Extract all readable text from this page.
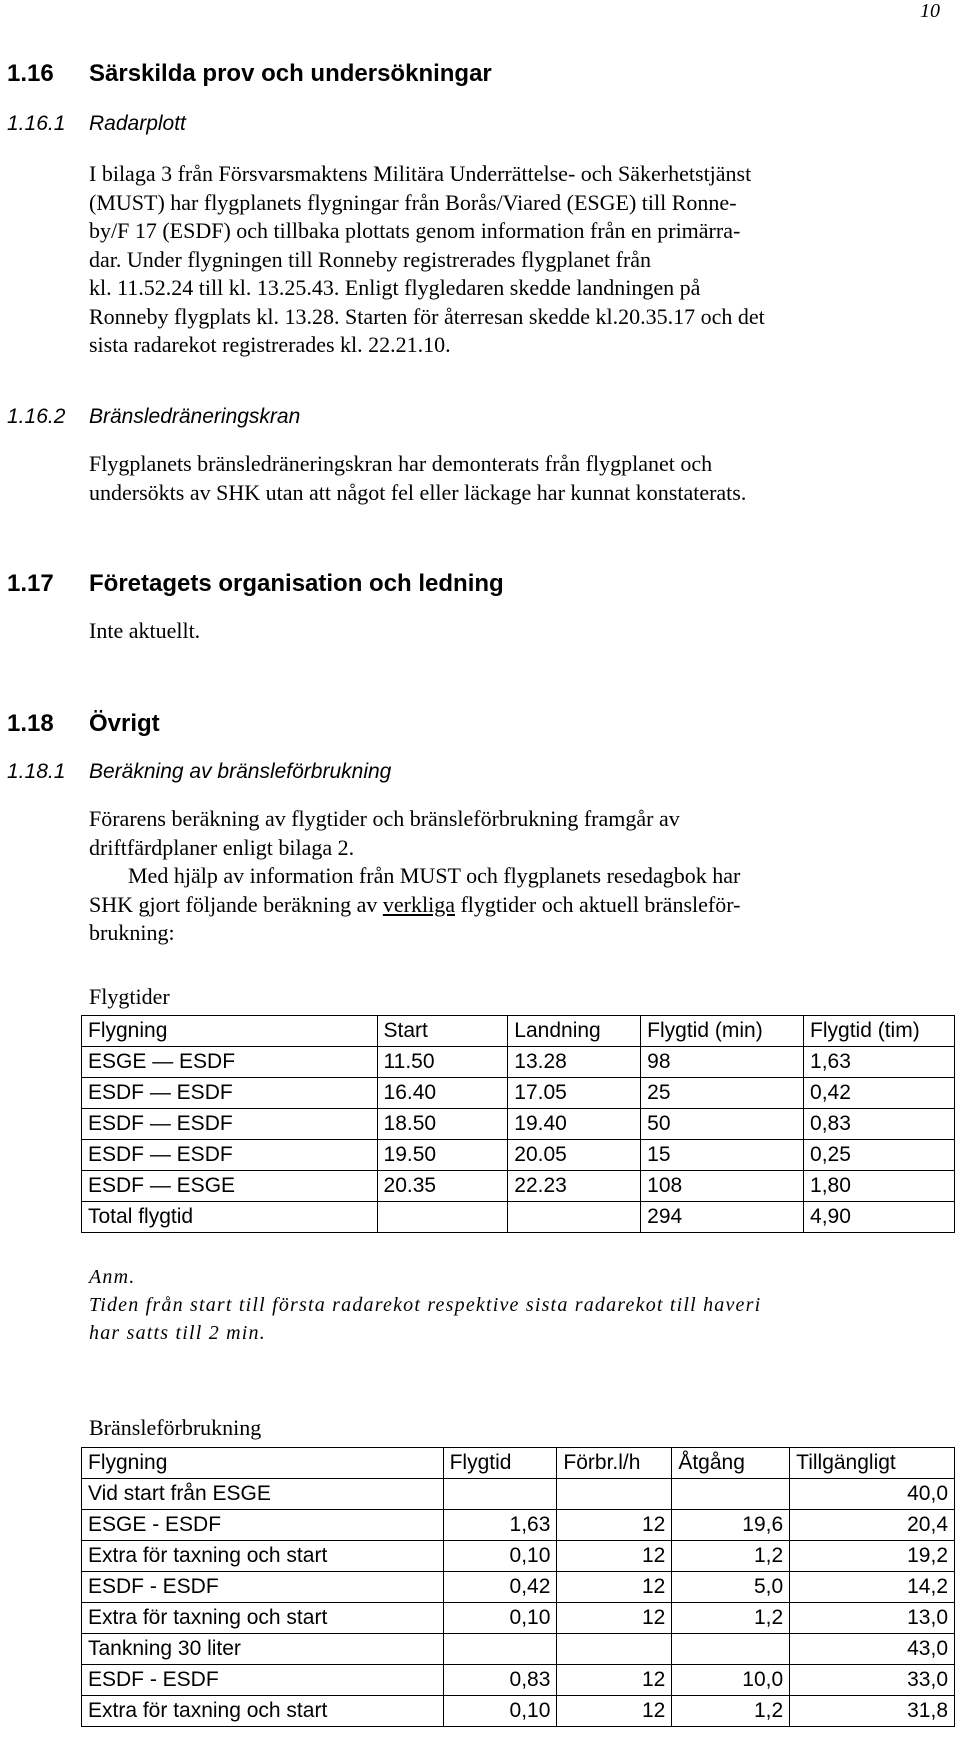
10
1.16 Särskilda prov och undersökningar
1.16.1 Radarplott
I bilaga 3 från Försvarsmaktens Militära Underrättelse- och Säkerhetstjänst
(MUST) har flygplanets flygningar från Borås/Viared (ESGE) till Ronne-
by/F 17 (ESDF) och tillbaka plottats genom information från en primärra-
dar. Under flygningen till Ronneby registrerades flygplanet från
kl. 11.52.24 till kl. 13.25.43. Enligt flygledaren skedde landningen på
Ronneby flygplats kl. 13.28. Starten för återresan skedde kl.20.35.17 och det
sista radarekot registrerades kl. 22.21.10.
1.16.2 Bränsledräneringskran
Flygplanets bränsledräneringskran har demonterats från flygplanet och
undersökts av SHK utan att något fel eller läckage har kunnat konstaterats.
1.17 Företagets organisation och ledning
Inte aktuellt.
1.18 Övrigt
1.18.1 Beräkning av bränsleförbrukning
Förarens beräkning av flygtider och bränsleförbrukning framgår av
driftfärdplaner enligt bilaga 2.
Med hjälp av information från MUST och flygplanets resedagbok har
SHK gjort följande beräkning av verkliga flygtider och aktuell bränsleför-
brukning:
Flygtider
Flygning	Start	Landning	Flygtid (min)	Flygtid (tim)
ESGE — ESDF	11.50	13.28	98	1,63
ESDF — ESDF	16.40	17.05	25	0,42
ESDF — ESDF	18.50	19.40	50	0,83
ESDF — ESDF	19.50	20.05	15	0,25
ESDF — ESGE	20.35	22.23	108	1,80
Total flygtid			294	4,90
Anm.
Tiden från start till första radarekot respektive sista radarekot till haveri
har satts till 2 min.
Bränsleförbrukning
Flygning	Flygtid	Förbr.l/h	Åtgång	Tillgängligt
Vid start från ESGE				40,0
ESGE - ESDF	1,63	12	19,6	20,4
Extra för taxning och start	0,10	12	1,2	19,2
ESDF - ESDF	0,42	12	5,0	14,2
Extra för taxning och start	0,10	12	1,2	13,0
Tankning 30 liter				43,0
ESDF - ESDF	0,83	12	10,0	33,0
Extra för taxning och start	0,10	12	1,2	31,8
